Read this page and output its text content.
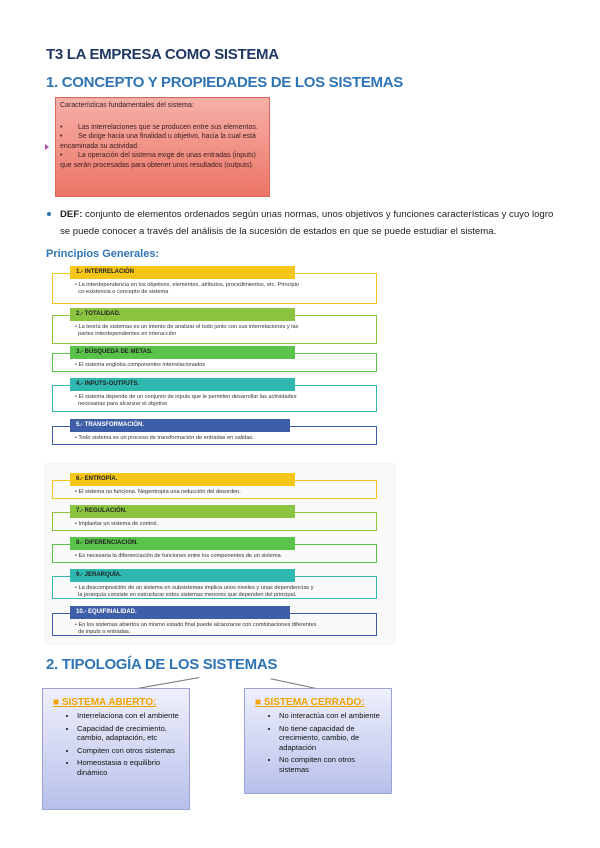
T3 LA EMPRESA COMO SISTEMA
1. CONCEPTO Y PROPIEDADES DE LOS SISTEMAS
Características fundamentales del sistema:
•        Las interrelaciones que se producen entre sus elementos.
•        Se dirige hacia una finalidad u objetivo, hacia la cual está encaminada su actividad.
•        La operación del sistema exige de unas entradas (inputs) que serán procesadas para obtener unos resultados (outputs).
DEF: conjunto de elementos ordenados según unas normas, unos objetivos y funciones características y cuyo logro se puede conocer a través del análisis de la sucesión de estados en que se puede estudiar el sistema.
Principios Generales:
• La interdependencia en los objetivos, elementos, atributos, procedimientos, etc. Principio
co-existencia o concepto de sistema
1.- INTERRELACIÓN
• La teoría de sistemas es un intento de analizar el todo junto con sus interrelaciones y las
partes interdependientes en interacción
2.- TOTALIDAD.
• El sistema engloba componentes interrelacionados
3.- BÚSQUEDA DE METAS.
• El sistema depende de un conjunto de inputs que le permiten desarrollar las actividades
necesarias para alcanzar el objetivo
4.- INPUTS-OUTPUTS.
• Todo sistema es un proceso de transformación de entradas en salidas.
5.- TRANSFORMACIÓN.
• El sistema no funciona. Negentropía una reducción del desorden.
6.- ENTROPÍA.
• Implantar un sistema de control.
7.- REGULACIÓN.
• Es necesaria la diferenciación de funciones entre los componentes de un sistema.
8.- DIFERENCIACIÓN.
• La descomposición de un sistema en subsistemas implica unos niveles y unas dependencias y
la jerarquía consiste en estructurar estos sistemas menores que dependen del principal.
9.- JERARQUÍA.
• En los sistemas abiertos un mismo estado final puede alcanzarse con combinaciones diferentes
de inputs o entradas.
10.- EQUIFINALIDAD.
2. TIPOLOGÍA DE LOS SISTEMAS
■ SISTEMA ABIERTO:
• Interrelaciona con el ambiente
• Capacidad de crecimiento, cambio, adaptación, etc
• Compiten con otros sistemas
• Homeostasia o equilibrio dinámico
■ SISTEMA CERRADO:
• No interactúa con el ambiente
• No tiene capacidad de crecimiento, cambio, de adaptación
• No compiten con otros sistemas
